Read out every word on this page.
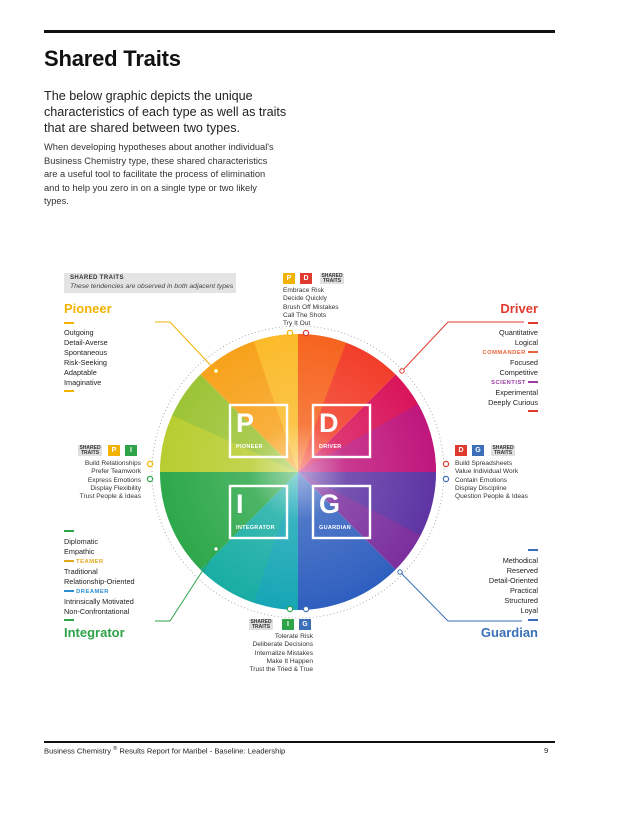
Shared Traits
The below graphic depicts the unique characteristics of each type as well as traits that are shared between two types.
When developing hypotheses about another individual's Business Chemistry type, these shared characteristics are a useful tool to facilitate the process of elimination and to help you zero in on a single type or two likely types.
P
PIONEER
D
DRIVER
I
INTEGRATOR
G
GUARDIAN
SHARED TRAITS
These tendencies are observed in both adjacent types
Pioneer
Outgoing
Detail-Averse
Spontaneous
Risk-Seeking
Adaptable
Imaginative
Driver
Quantitative
Logical
COMMANDER
Focused
Competitive
SCIENTIST
Experimental
Deeply Curious
Diplomatic
Empathic
TEAMER
Traditional
Relationship-Oriented
DREAMER
Intrinsically Motivated
Non-Confrontational
Integrator
Methodical
Reserved
Detail-Oriented
Practical
Structured
Loyal
Guardian
P	D	SHARED TRAITS
Embrace Risk
Decide Quickly
Brush Off Mistakes
Call The Shots
Try It Out
SHARED TRAITS	P	I
Build Relationships
Prefer Teamwork
Express Emotions
Display Flexibility
Trust People & Ideas
D	G	SHARED TRAITS
Build Spreadsheets
Value Individual Work
Contain Emotions
Display Discipline
Question People & Ideas
SHARED TRAITS	I	G
Tolerate Risk
Deliberate Decisions
Internalize Mistakes
Make It Happen
Trust the Tried & True
Business Chemistry ® Results Report for Maribel - Baseline: Leadership	9
